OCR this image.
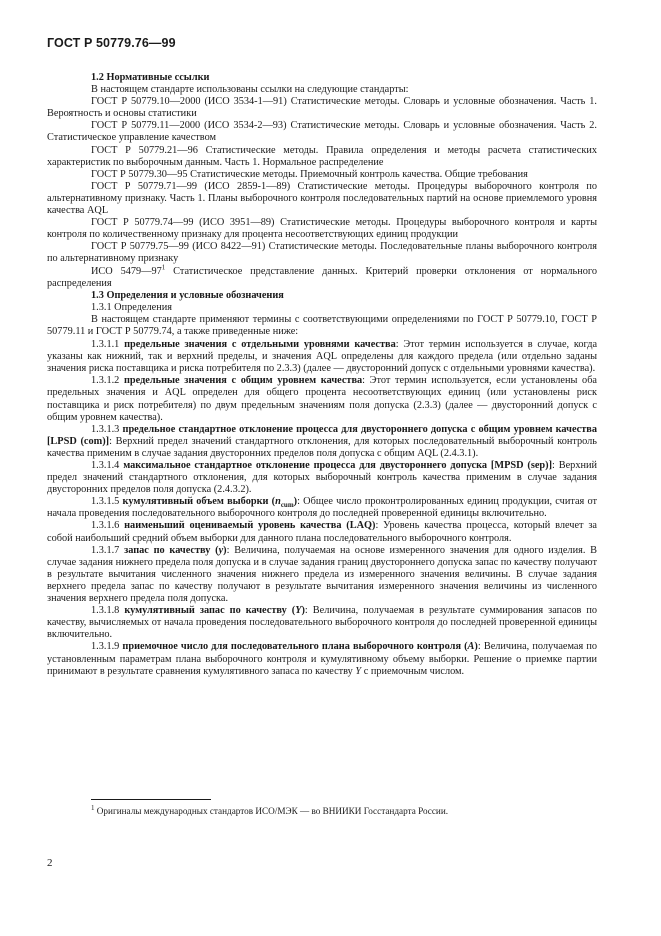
ГОСТ Р 50779.76—99

1.2 Нормативные ссылки

В настоящем стандарте использованы ссылки на следующие стандарты:

ГОСТ Р 50779.10—2000 (ИСО 3534-1—91) Статистические методы. Словарь и условные обозначения. Часть 1. Вероятность и основы статистики

ГОСТ Р 50779.11—2000 (ИСО 3534-2—93) Статистические методы. Словарь и условные обозначения. Часть 2. Статистическое управление качеством

ГОСТ Р 50779.21—96 Статистические методы. Правила определения и методы расчета статистических характеристик по выборочным данным. Часть 1. Нормальное распределение

ГОСТ Р 50779.30—95 Статистические методы. Приемочный контроль качества. Общие требования

ГОСТ Р 50779.71—99 (ИСО 2859-1—89) Статистические методы. Процедуры выборочного контроля по альтернативному признаку. Часть 1. Планы выборочного контроля последовательных партий на основе приемлемого уровня качества AQL

ГОСТ Р 50779.74—99 (ИСО 3951—89) Статистические методы. Процедуры выборочного контроля и карты контроля по количественному признаку для процента несоответствующих единиц продукции

ГОСТ Р 50779.75—99 (ИСО 8422—91) Статистические методы. Последовательные планы выборочного контроля по альтернативному признаку

ИСО $5479—97^1$ Статистическое представление данных. Критерий проверки отклонения от нормального распределения

1.3 Определения и условные обозначения

1.3.1 Определения

В настоящем стандарте применяют термины с соответствующими определениями по ГОСТ Р 50779.10, ГОСТ Р 50779.11 и ГОСТ Р 50779.74, а также приведенные ниже:

1.3.1.1 предельные значения с отдельными уровнями качества: Этот термин используется в случае, когда указаны как нижний, так и верхний пределы, и значения AQL определены для каждого предела (или отдельно заданы значения риска поставщика и риска потребителя по 2.3.3) (далее — двусторонний допуск с отдельными уровнями качества).

1.3.1.2 предельные значения с общим уровнем качества: Этот термин используется, если установлены оба предельных значения и AQL определен для общего процента несоответствующих единиц (или установлены риск поставщика и риск потребителя) по двум предельным значениям поля допуска (2.3.3) (далее — двусторонний допуск с общим уровнем качества).

1.3.1.3 предельное стандартное отклонение процесса для двустороннего допуска с общим уровнем качества [LPSD (com)]: Верхний предел значений стандартного отклонения, для которых последовательный выборочный контроль качества применим в случае задания двусторонних пределов поля допуска с общим AQL (2.4.3.1).

1.3.1.4 максимальное стандартное отклонение процесса для двустороннего допуска [MPSD (sep)]: Верхний предел значений стандартного отклонения, для которых выборочный контроль качества применим в случае задания двусторонних пределов поля допуска (2.4.3.2).

1.3.1.5 кумулятивный объем выборки $(n_{cum})$: Общее число проконтролированных единиц продукции, считая от начала проведения последовательного выборочного контроля до последней проверенной единицы включительно.

1.3.1.6 наименьший оцениваемый уровень качества (LAQ): Уровень качества процесса, который влечет за собой наибольший средний объем выборки для данного плана последовательного выборочного контроля.

1.3.1.7 запас по качеству (y): Величина, получаемая на основе измеренного значения для одного изделия. В случае задания нижнего предела поля допуска и в случае задания границ двустороннего допуска запас по качеству получают в результате вычитания численного значения нижнего предела из измеренного значения величины. В случае задания верхнего предела запас по качеству получают в результате вычитания измеренного значения величины из численного значения верхнего предела поля допуска.

1.3.1.8 кумулятивный запас по качеству (Y): Величина, получаемая в результате суммирования запасов по качеству, вычисляемых от начала проведения последовательного выборочного контроля до последней проверенной единицы включительно.

1.3.1.9 приемочное число для последовательного плана выборочного контроля (A): Величина, получаемая по установленным параметрам плана выборочного контроля и кумулятивному объему выборки. Решение о приемке партии принимают в результате сравнения кумулятивного запаса по качеству Y с приемочным числом.

$^1$ Оригиналы международных стандартов ИСО/МЭК — во ВНИИКИ Госстандарта России.
2
